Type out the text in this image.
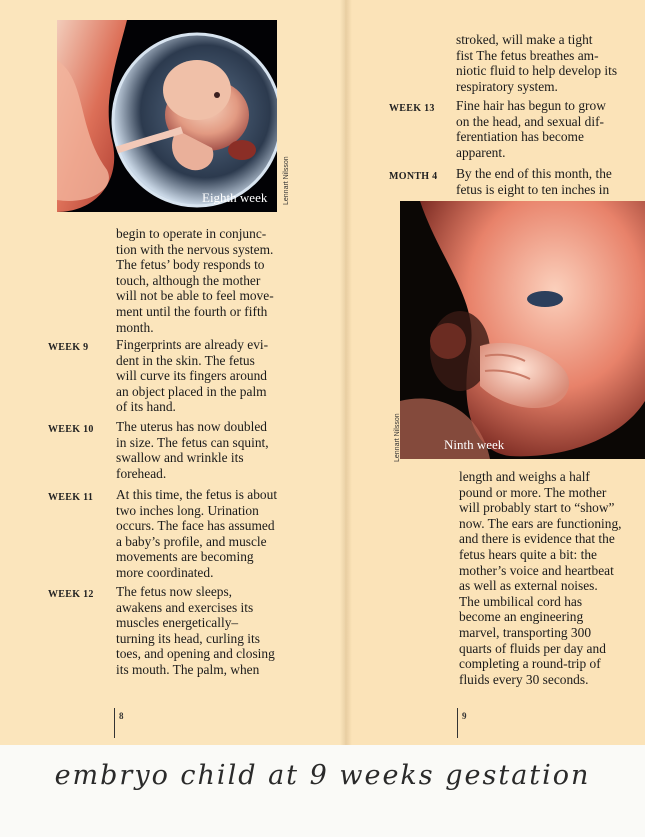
Eighth week Lennart Nilsson
begin to operate in conjunc-
tion with the nervous system.
The fetus’ body responds to
touch, although the mother
will not be able to feel move-
ment until the fourth or fifth
month.
WEEK 9 Fingerprints are already evi-
dent in the skin. The fetus
will curve its fingers around
an object placed in the palm
of its hand.
WEEK 10 The uterus has now doubled
in size. The fetus can squint,
swallow and wrinkle its
forehead.
WEEK 11 At this time, the fetus is about
two inches long. Urination
occurs. The face has assumed
a baby’s profile, and muscle
movements are becoming
more coordinated.
WEEK 12 The fetus now sleeps,
awakens and exercises its
muscles energetically–
turning its head, curling its
toes, and opening and closing
its mouth. The palm, when
8
stroked, will make a tight
fist The fetus breathes am-
niotic fluid to help develop its
respiratory system.
WEEK 13 Fine hair has begun to grow
on the head, and sexual dif-
ferentiation has become
apparent.
MONTH 4 By the end of this month, the
fetus is eight to ten inches in
Ninth week
Lennart Nilsson
length and weighs a half
pound or more. The mother
will probably start to “show”
now. The ears are functioning,
and there is evidence that the
fetus hears quite a bit: the
mother’s voice and heartbeat
as well as external noises.
The umbilical cord has
become an engineering
marvel, transporting 300
quarts of fluids per day and
completing a round-trip of
fluids every 30 seconds.
9
embryo child at 9 weeks gestation
